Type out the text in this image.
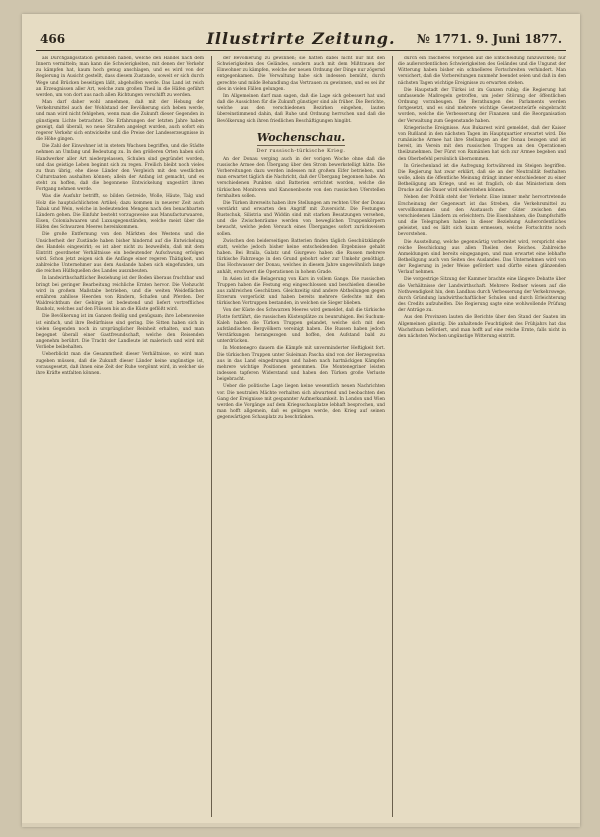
466	Illustrirte Zeitung.	№ 1771. 9. Juni 1877.

als Durchgangsstation gefunden haben, welche den Handel nach dem Innern vermitteln; man kann die Schwierigkeiten, mit denen der Verkehr zu kämpfen hat, kaum hoch genug anschlagen, und es wird von der Regierung in Ausicht gestellt, dass diesem Zustande, soweit er sich durch Wege und Brücken beseitigen läßt, abgeholfen werde. Das Land ist reich an Erzeugnissen aller Art, welche zum großen Theil in die Häfen geführt werden, um von dort aus nach allen Richtungen verschifft zu werden.

Man darf daher wohl annehmen, daß mit der Hebung der Verkehrsmittel auch der Wohlstand der Bevölkerung sich heben werde, und man wird nicht fehlgehen, wenn man die Zukunft dieser Gegenden in günstigem Lichte betrachtet. Die Erfahrungen der letzten Jahre haben gezeigt, daß überall, wo neue Straßen angelegt wurden, auch sofort ein regerer Verkehr sich entwickelte und die Preise der Landeserzeugnisse in die Höhe gingen.

Die Zahl der Einwohner ist in stetem Wachsen begriffen, und die Städte nehmen an Umfang und Bedeutung zu. In den größeren Orten haben sich Handwerker aller Art niedergelassen, Schulen sind gegründet worden, und das geistige Leben beginnt sich zu regen. Freilich bleibt noch vieles zu thun übrig, ehe diese Länder den Vergleich mit den westlichen Culturstaaten aushalten können; allein der Anfang ist gemacht, und es steht zu hoffen, daß die begonnene Entwickelung ungestört ihren Fortgang nehmen werde.

Was die Ausfuhr betrifft, so bilden Getreide, Wolle, Häute, Talg und Holz die hauptsächlichsten Artikel; dazu kommen in neuerer Zeit auch Tabak und Wein, welche in bedeutenden Mengen nach den benachbarten Ländern gehen. Die Einfuhr besteht vorzugsweise aus Manufacturwaaren, Eisen, Colonialwaaren und Luxusgegenständen, welche meist über die Häfen des Schwarzen Meeres hereinkommen.

Die große Entfernung von den Märkten des Westens und die Unsicherheit der Zustände haben bisher hindernd auf die Entwickelung des Handels eingewirkt; es ist aber nicht zu bezweifeln, daß mit dem Eintritt geordneter Verhältnisse ein bedeutender Aufschwung erfolgen wird. Schon jetzt zeigen sich die Anfänge einer regeren Thätigkeit, und zahlreiche Unternehmer aus dem Auslande haben sich eingefunden, um die reichen Hülfsquellen des Landes auszubeuten.

In landwirthschaftlicher Beziehung ist der Boden überaus fruchtbar und bringt bei geringer Bearbeitung reichliche Ernten hervor. Die Viehzucht wird in großem Maßstabe betrieben, und die weiten Weideflächen ernähren zahllose Heerden von Rindern, Schafen und Pferden. Der Waldreichthum der Gebirge ist bedeutend und liefert vortreffliches Bauholz, welches auf den Flüssen bis an die Küste geflößt wird.

Die Bevölkerung ist im Ganzen fleißig und genügsam; ihre Lebensweise ist einfach, und ihre Bedürfnisse sind gering. Die Sitten haben sich in vielen Gegenden noch in ursprünglicher Reinheit erhalten, und man begegnet überall einer Gastfreundschaft, welche den Reisenden angenehm berührt. Die Tracht der Landleute ist malerisch und wird mit Vorliebe beibehalten.

Ueberblickt man die Gesammtheit dieser Verhältnisse, so wird man zugeben müssen, daß die Zukunft dieser Länder keine ungünstige ist, vorausgesetzt, daß ihnen eine Zeit der Ruhe vergönnt wird, in welcher sie ihre Kräfte entfalten können.

der Bevölkerung zu gewinnen; sie hätten dabei nicht nur mit den Schwierigkeiten des Geländes, sondern auch mit dem Mißtrauen der Einwohner zu kämpfen, welche der neuen Ordnung der Dinge nur zögernd entgegenkamen. Die Verwaltung habe sich indessen bemüht, durch gerechte und milde Behandlung das Vertrauen zu gewinnen, und es sei ihr dies in vielen Fällen gelungen.

Im Allgemeinen darf man sagen, daß die Lage sich gebessert hat und daß die Aussichten für die Zukunft günstiger sind als früher. Die Berichte, welche aus den verschiedenen Bezirken eingehen, lauten übereinstimmend dahin, daß Ruhe und Ordnung herrschen und daß die Bevölkerung sich ihren friedlichen Beschäftigungen hingibt.

Wochenschau.
Der russisch-türkische Krieg.

An der Donau verging auch in der vorigen Woche ohne daß die russische Armee den Übergang über den Strom bewerkstelligt hätte. Die Vorbereitungen dazu werden indessen mit großem Eifer betrieben, und man erwartet täglich die Nachricht, daß der Übergang begonnen habe. An verschiedenen Punkten sind Batterien errichtet worden, welche die türkischen Monitoren und Kanonenboote von den russischen Uferstellen fernhalten sollen.

Die Türken ihrerseits haben ihre Stellungen am rechten Ufer der Donau verstärkt und erwarten den Angriff mit Zuversicht. Die Festungen Rustschuk, Silistria und Widdin sind mit starken Besatzungen versehen, und die Zwischenräume werden von beweglichen Truppenkörpern bewacht, welche jeden Versuch eines Überganges sofort zurückweisen sollen.

Zwischen den beiderseitigen Batterien finden täglich Geschützkämpfe statt, welche jedoch bisher keine entscheidenden Ergebnisse gehabt haben. Bei Braila, Galatz und Giurgewo haben die Russen mehrere türkische Fahrzeuge in den Grund gebohrt oder zur Umkehr genöthigt. Das Hochwasser der Donau, welches in diesem Jahre ungewöhnlich lange anhält, erschwert die Operationen in hohem Grade.

In Asien ist die Belagerung von Kars in vollem Gange. Die russischen Truppen haben die Festung eng eingeschlossen und beschießen dieselbe aus zahlreichen Geschützen. Gleichzeitig sind andere Abtheilungen gegen Erzerum vorgerückt und haben bereits mehrere Gefechte mit den türkischen Vortruppen bestanden, in welchen sie Sieger blieben.

Von der Küste des Schwarzen Meeres wird gemeldet, daß die türkische Flotte fortfährt, die russischen Küstenplätze zu beunruhigen. Bei Suchum-Kaleh haben die Türken Truppen gelandet, welche sich mit den aufständischen Bergvölkern vereinigt haben. Die Russen haben jedoch Verstärkungen herangezogen und hoffen, den Aufstand bald zu unterdrücken.

In Montenegro dauern die Kämpfe mit unverminderter Heftigkeit fort. Die türkischen Truppen unter Suleiman Pascha sind von der Herzegowina aus in das Land eingedrungen und haben nach hartnäckigen Kämpfen mehrere wichtige Positionen genommen. Die Montenegriner leisten indessen tapferen Widerstand und haben den Türken große Verluste beigebracht.

Ueber die politische Lage liegen keine wesentlich neuen Nachrichten vor. Die neutralen Mächte verhalten sich abwartend und beobachten den Gang der Ereignisse mit gespannter Aufmerksamkeit. In London und Wien werden die Vorgänge auf dem Kriegsschauplatze lebhaft besprochen, und man hofft allgemein, daß es gelingen werde, den Krieg auf seinen gegenwärtigen Schauplatz zu beschränken.

durch ein rascheres Vorgehen auf die Entscheidung hinzuwirken; nur die außerordentlichen Schwierigkeiten des Geländes und die Ungunst der Witterung haben bisher ein schnelleres Fortschreiten verhindert. Man versichert, daß die Vorbereitungen nunmehr beendet seien und daß in den nächsten Tagen wichtige Ereignisse zu erwarten stehen.

Die Haupstadt der Türkei ist im Ganzen ruhig; die Regierung hat umfassende Maßregeln getroffen, um jeder Störung der öffentlichen Ordnung vorzubeugen. Die Berathungen des Parlaments werden fortgesetzt, und es sind mehrere wichtige Gesetzentwürfe eingebracht worden, welche die Verbesserung der Finanzen und die Reorganisation der Verwaltung zum Gegenstande haben.

Kriegerische Ereignisse. Aus Bukarest wird gemeldet, daß der Kaiser von Rußland in den nächsten Tagen im Hauptquartier erwartet wird. Die rumänische Armee hat ihre Stellungen an der Donau bezogen und ist bereit, im Verein mit den russischen Truppen an den Operationen theilzunehmen. Der Fürst von Rumänien hat sich zur Armee begeben und den Oberbefehl persönlich übernommen.

In Griechenland ist die Aufregung fortwährend im Steigen begriffen. Die Regierung hat zwar erklärt, daß sie an der Neutralität festhalten wolle, allein die öffentliche Meinung drängt immer entschiedener zu einer Betheiligung am Kriege, und es ist fraglich, ob das Ministerium dem Drucke auf die Dauer wird widerstehen können.

Neben der Politik steht der Verkehr. Eine immer mehr hervortretende Erscheinung der Gegenwart ist das Streben, die Verkehrsmittel zu vervollkommnen und den Austausch der Güter zwischen den verschiedenen Ländern zu erleichtern. Die Eisenbahnen, die Dampfschiffe und die Telegraphen haben in dieser Beziehung Außerordentliches geleistet, und es läßt sich kaum ermessen, welche Fortschritte noch bevorstehen.

Die Ausstellung, welche gegenwärtig vorbereitet wird, verspricht eine reiche Beschickung aus allen Theilen des Reiches. Zahlreiche Anmeldungen sind bereits eingegangen, und man erwartet eine lebhafte Betheiligung auch von Seiten des Auslandes. Das Unternehmen wird von der Regierung in jeder Weise gefördert und dürfte einen glänzenden Verlauf nehmen.

Die vorgestrige Sitzung der Kammer brachte eine längere Debatte über die Verhältnisse der Landwirthschaft. Mehrere Redner wiesen auf die Nothwendigkeit hin, dem Landbau durch Verbesserung der Verkehrswege, durch Gründung landwirthschaftlicher Schulen und durch Erleichterung des Credits aufzuhelfen. Die Regierung sagte eine wohlwollende Prüfung der Anträge zu.

Aus den Provinzen lauten die Berichte über den Stand der Saaten im Allgemeinen günstig. Die anhaltende Feuchtigkeit des Frühjahrs hat das Wachsthum befördert, und man hofft auf eine reiche Ernte, falls nicht in den nächsten Wochen ungünstige Witterung eintritt.
